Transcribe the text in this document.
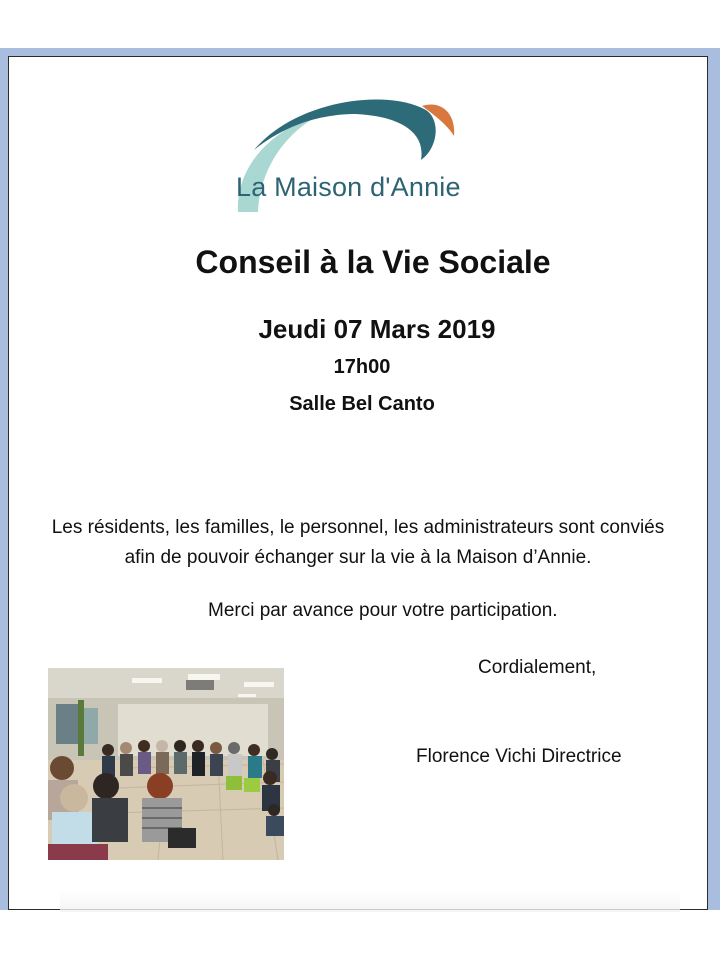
La Maison d'Annie
Conseil à la Vie Sociale
Jeudi 07 Mars 2019
17h00
Salle Bel Canto
Les résidents, les familles, le personnel, les administrateurs sont conviés afin de pouvoir échanger sur la vie à la Maison d’Annie.
Merci par avance pour votre participation.
Cordialement,
Florence Vichi Directrice
